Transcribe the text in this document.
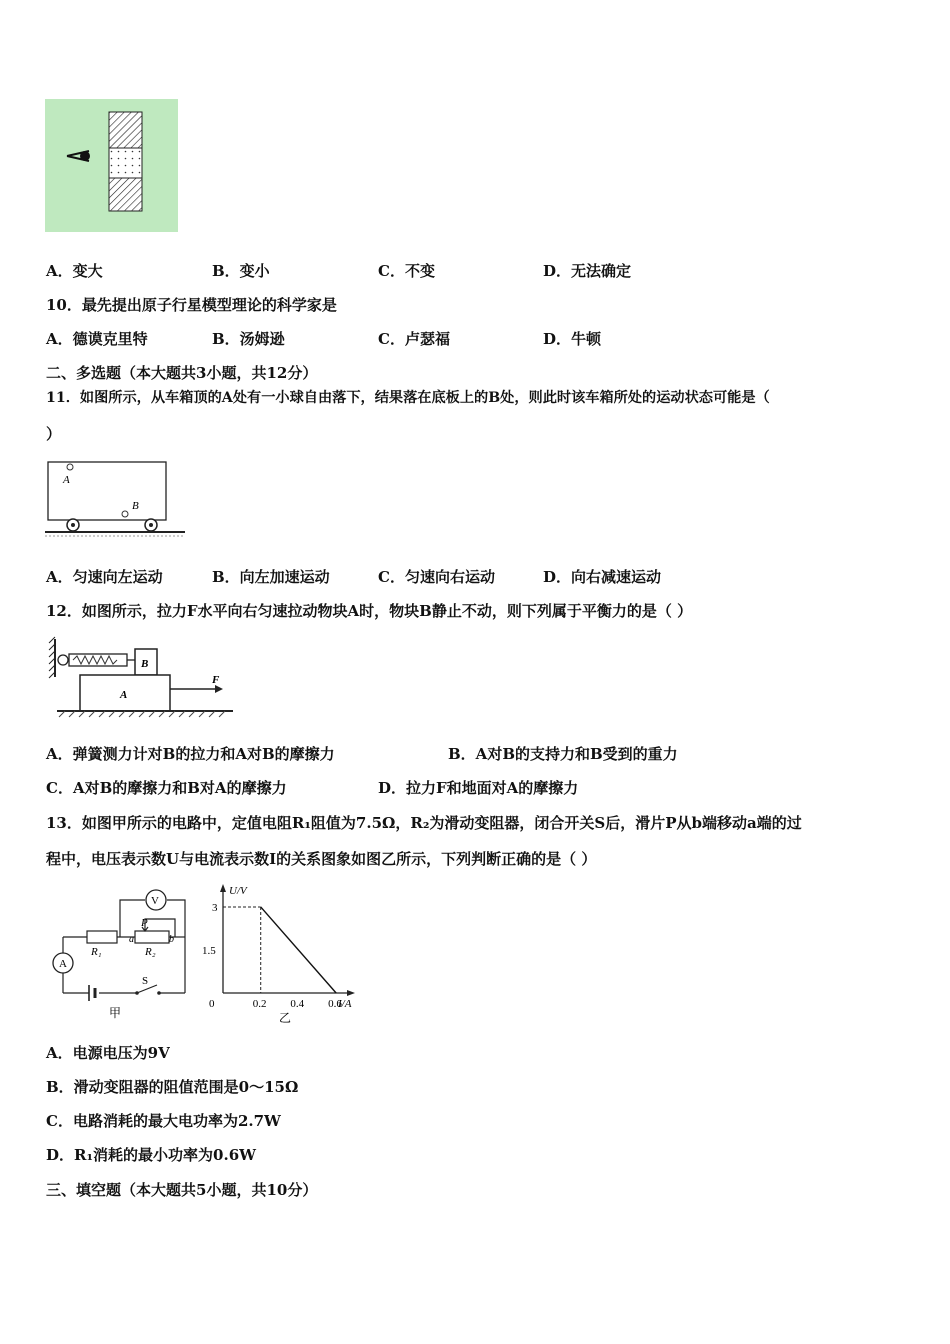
A．变大	B．变小	C．不变	D．无法确定
10．最先提出原子行星模型理论的科学家是
A．德谟克里特	B．汤姆逊	C．卢瑟福	D．牛顿
二、多选题（本大题共3小题，共12分）
11．如图所示，从车箱顶的A处有一小球自由落下，结果落在底板上的B处，则此时该车箱所处的运动状态可能是（
）
A
B
A．匀速向左运动	B．向左加速运动	C．匀速向右运动	D．向右减速运动
12．如图所示，拉力F水平向右匀速拉动物块A时，物块B静止不动，则下列属于平衡力的是（ ）
B
A
F
A．弹簧测力计对B的拉力和A对B的摩擦力	B．A对B的支持力和B受到的重力
C．A对B的摩擦力和B对A的摩擦力	D．拉力F和地面对A的摩擦力
13．如图甲所示的电路中，定值电阻R₁阻值为7.5Ω，R₂为滑动变阻器，闭合开关S后，滑片P从b端移动a端的过
程中，电压表示数U与电流表示数I的关系图象如图乙所示，下列判断正确的是（ ）
V
A
R₁	R₂
P
a	b
S
甲
U/V
I/A
乙
0	0.2 0.4 0.6
1.5
3
A．电源电压为9V
B．滑动变阻器的阻值范围是0～15Ω
C．电路消耗的最大电功率为2.7W
D．R₁消耗的最小功率为0.6W
三、填空题（本大题共5小题，共10分）
